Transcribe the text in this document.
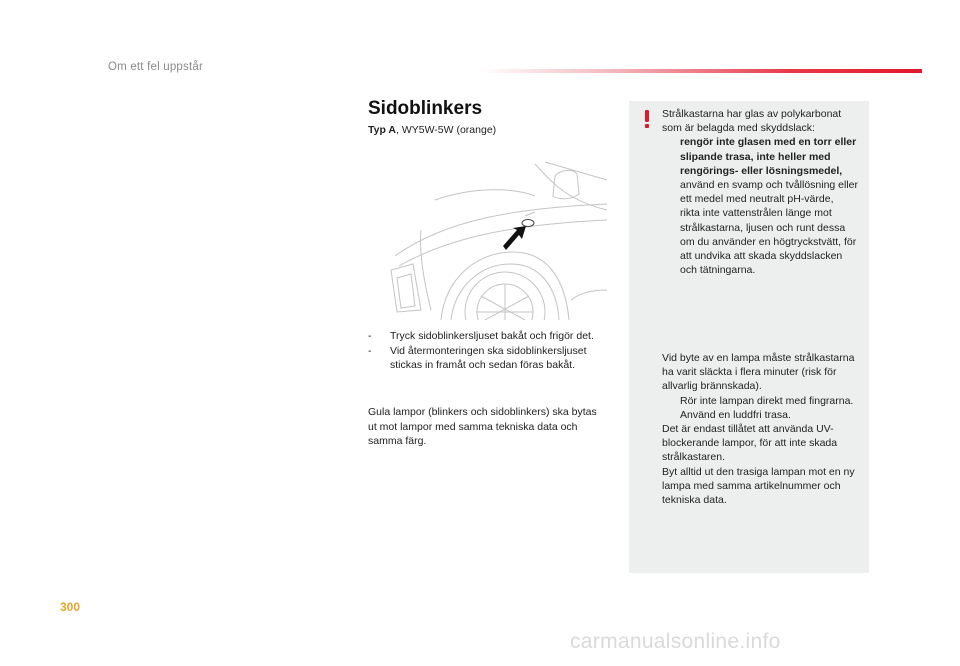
Om ett fel uppstår
Sidoblinkers
Typ A, WY5W-5W (orange)
- Tryck sidoblinkersljuset bakåt och frigör det.
- Vid återmonteringen ska sidoblinkersljuset stickas in framåt och sedan föras bakåt.
Gula lampor (blinkers och sidoblinkers) ska bytas ut mot lampor med samma tekniska data och samma färg.
Strålkastarna har glas av polykarbonat som är belagda med skyddslack:
rengör inte glasen med en torr eller slipande trasa, inte heller med rengörings- eller lösningsmedel,
använd en svamp och tvållösning eller ett medel med neutralt pH-värde,
rikta inte vattenstrålen länge mot strålkastarna, ljusen och runt dessa om du använder en högtryckstvätt, för att undvika att skada skyddslacken och tätningarna.
Vid byte av en lampa måste strålkastarna ha varit släckta i flera minuter (risk för allvarlig brännskada).
Rör inte lampan direkt med fingrarna. Använd en luddfri trasa.
Det är endast tillåtet att använda UV-blockerande lampor, för att inte skada strålkastaren.
Byt alltid ut den trasiga lampan mot en ny lampa med samma artikelnummer och tekniska data.
300
carmanualsonline.info
